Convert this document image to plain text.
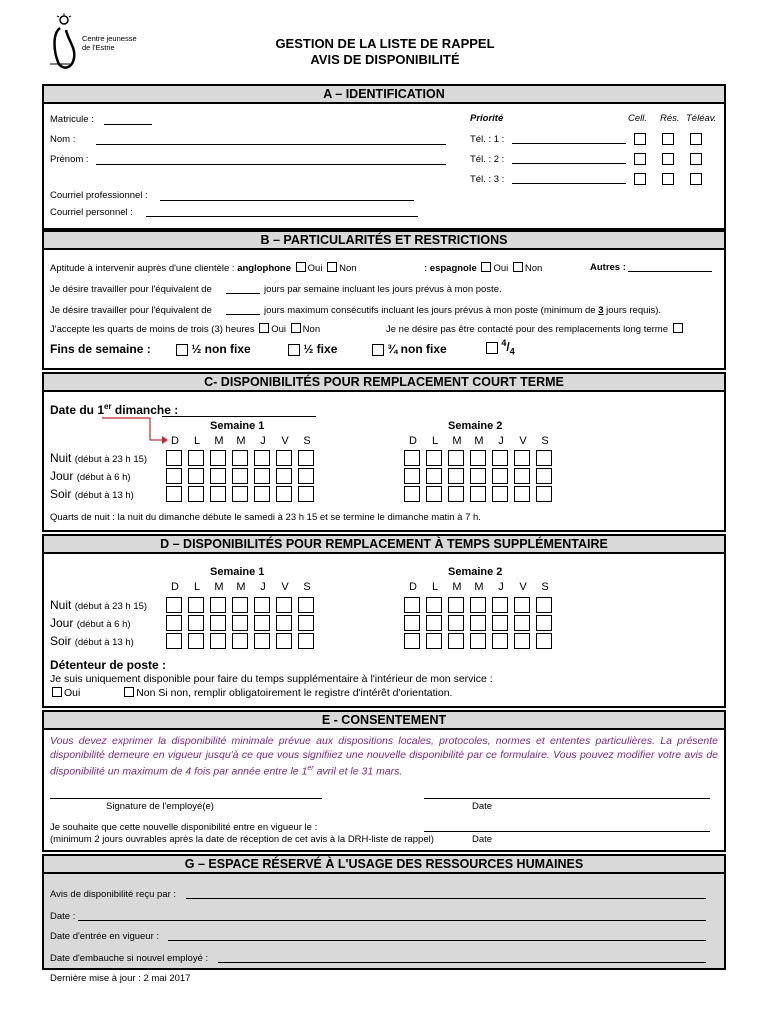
Centre jeunesse
de l'Estrie	GESTION DE LA LISTE DE RAPPEL
AVIS DE DISPONIBILITÉ
A – IDENTIFICATION
Matricule :
Nom :
Prénom :
Courriel professionnel :
Courriel personnel :
Priorité	Cell. Rés. Téléav.
Tél. : 1 :
Tél. : 2 :
Tél. : 3 :
B – PARTICULARITÉS ET RESTRICTIONS
Aptitude à intervenir auprès d'une clientèle : anglophone Oui Non	: espagnole Oui Non	Autres :
Je désire travailler pour l'équivalent de	jours par semaine incluant les jours prévus à mon poste.
Je désire travailler pour l'équivalent de	jours maximum consécutifs incluant les jours prévus à mon poste (minimum de 3 jours requis).
J'accepte les quarts de moins de trois (3) heures Oui Non	Je ne désire pas être contacté pour des remplacements long terme
Fins de semaine :	½ non fixe	½ fixe	¾ non fixe	$^4/_4$
C- DISPONIBILITÉS POUR REMPLACEMENT COURT TERME
Date du 1er dimanche :
Semaine 1	Semaine 2
D	L	M	M	J	V	S	D	L	M	M	J	V	S
Nuit (début à 23 h 15)
Jour (début à 6 h)
Soir (début à 13 h)
Quarts de nuit : la nuit du dimanche débute le samedi à 23 h 15 et se termine le dimanche matin à 7 h.
D – DISPONIBILITÉS POUR REMPLACEMENT À TEMPS SUPPLÉMENTAIRE
Semaine 1	Semaine 2
D	L	M	M	J	V	S	D	L	M	M	J	V	S
Nuit (début à 23 h 15)
Jour (début à 6 h)
Soir (début à 13 h)
Détenteur de poste :
Je suis uniquement disponible pour faire du temps supplémentaire à l'intérieur de mon service :
Oui	Non Si non, remplir obligatoirement le registre d'intérêt d'orientation.
E - CONSENTEMENT
Vous devez exprimer la disponibilité minimale prévue aux dispositions locales, protocoles, normes et ententes particulières. La présente disponibilité demeure en vigueur jusqu'à ce que vous signifiiez une nouvelle disponibilité par ce formulaire. Vous pouvez modifier votre avis de disponibilité un maximum de 4 fois par année entre le 1er avril et le 31 mars.
Signature de l'employé(e)	Date
Je souhaite que cette nouvelle disponibilité entre en vigueur le :
(minimum 2 jours ouvrables après la date de réception de cet avis à la DRH-liste de rappel)	Date
G – ESPACE RÉSERVÉ À L'USAGE DES RESSOURCES HUMAINES
Avis de disponibilité reçu par :
Date :
Date d'entrée en vigueur :
Date d'embauche si nouvel employé :
Dernière mise à jour : 2 mai 2017
